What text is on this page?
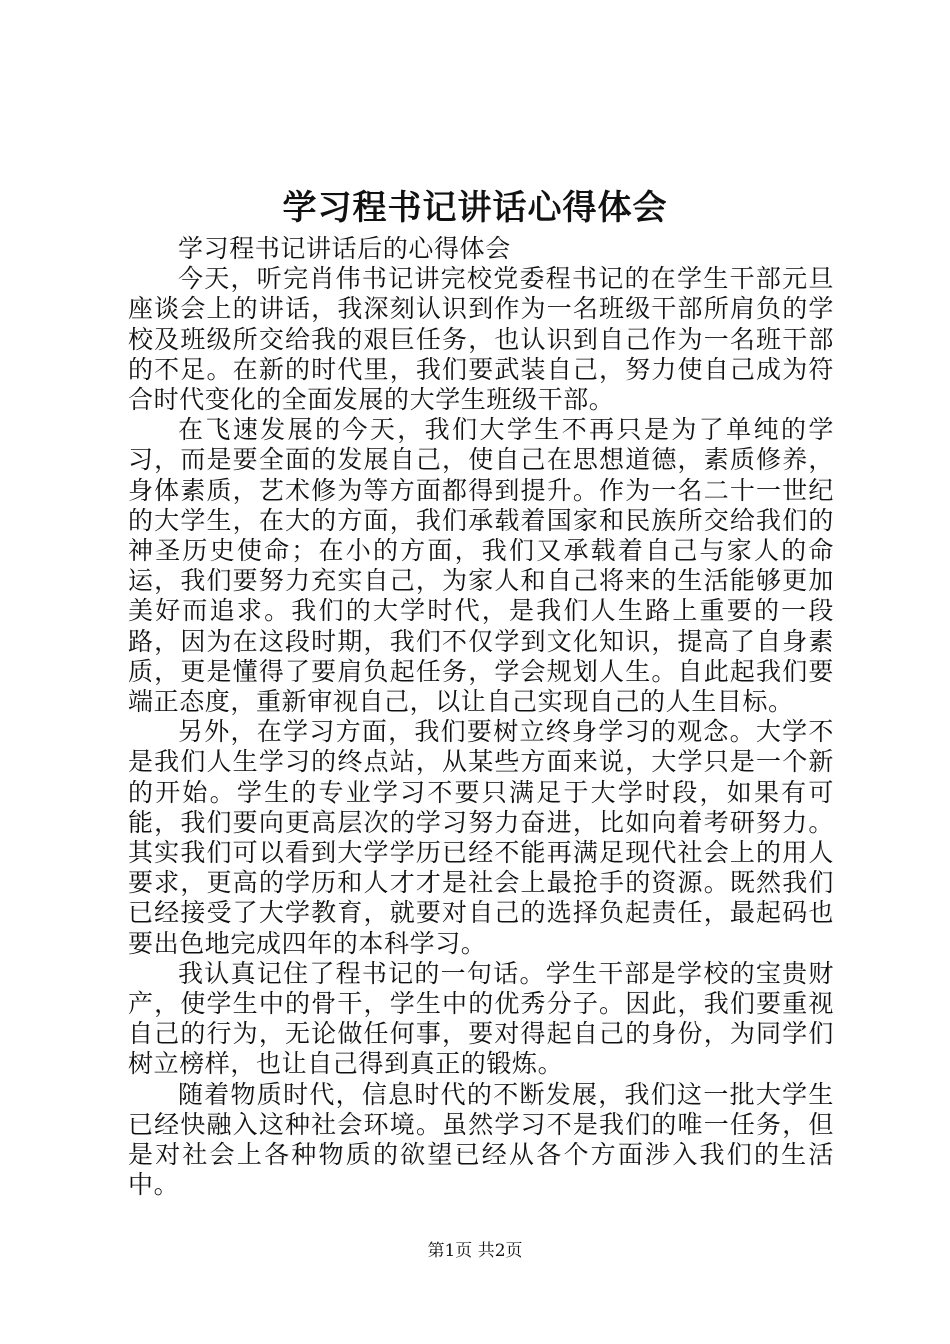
学习程书记讲话心得体会

学习程书记讲话后的心得体会

今天，听完肖伟书记讲完校党委程书记的在学生干部元旦座谈会上的讲话，我深刻认识到作为一名班级干部所肩负的学校及班级所交给我的艰巨任务，也认识到自己作为一名班干部的不足。在新的时代里，我们要武装自己，努力使自己成为符合时代变化的全面发展的大学生班级干部。

在飞速发展的今天，我们大学生不再只是为了单纯的学习，而是要全面的发展自己，使自己在思想道德，素质修养，身体素质，艺术修为等方面都得到提升。作为一名二十一世纪的大学生，在大的方面，我们承载着国家和民族所交给我们的神圣历史使命；在小的方面，我们又承载着自己与家人的命运，我们要努力充实自己，为家人和自己将来的生活能够更加美好而追求。我们的大学时代，是我们人生路上重要的一段路，因为在这段时期，我们不仅学到文化知识，提高了自身素质，更是懂得了要肩负起任务，学会规划人生。自此起我们要端正态度，重新审视自己，以让自己实现自己的人生目标。

另外，在学习方面，我们要树立终身学习的观念。大学不是我们人生学习的终点站，从某些方面来说，大学只是一个新的开始。学生的专业学习不要只满足于大学时段，如果有可能，我们要向更高层次的学习努力奋进，比如向着考研努力。其实我们可以看到大学学历已经不能再满足现代社会上的用人要求，更高的学历和人才才是社会上最抢手的资源。既然我们已经接受了大学教育，就要对自己的选择负起责任，最起码也要出色地完成四年的本科学习。

我认真记住了程书记的一句话。学生干部是学校的宝贵财产，使学生中的骨干，学生中的优秀分子。因此，我们要重视自己的行为，无论做任何事，要对得起自己的身份，为同学们树立榜样，也让自己得到真正的锻炼。

随着物质时代，信息时代的不断发展，我们这一批大学生已经快融入这种社会环境。虽然学习不是我们的唯一任务，但是对社会上各种物质的欲望已经从各个方面涉入我们的生活中。

第1页 共2页
